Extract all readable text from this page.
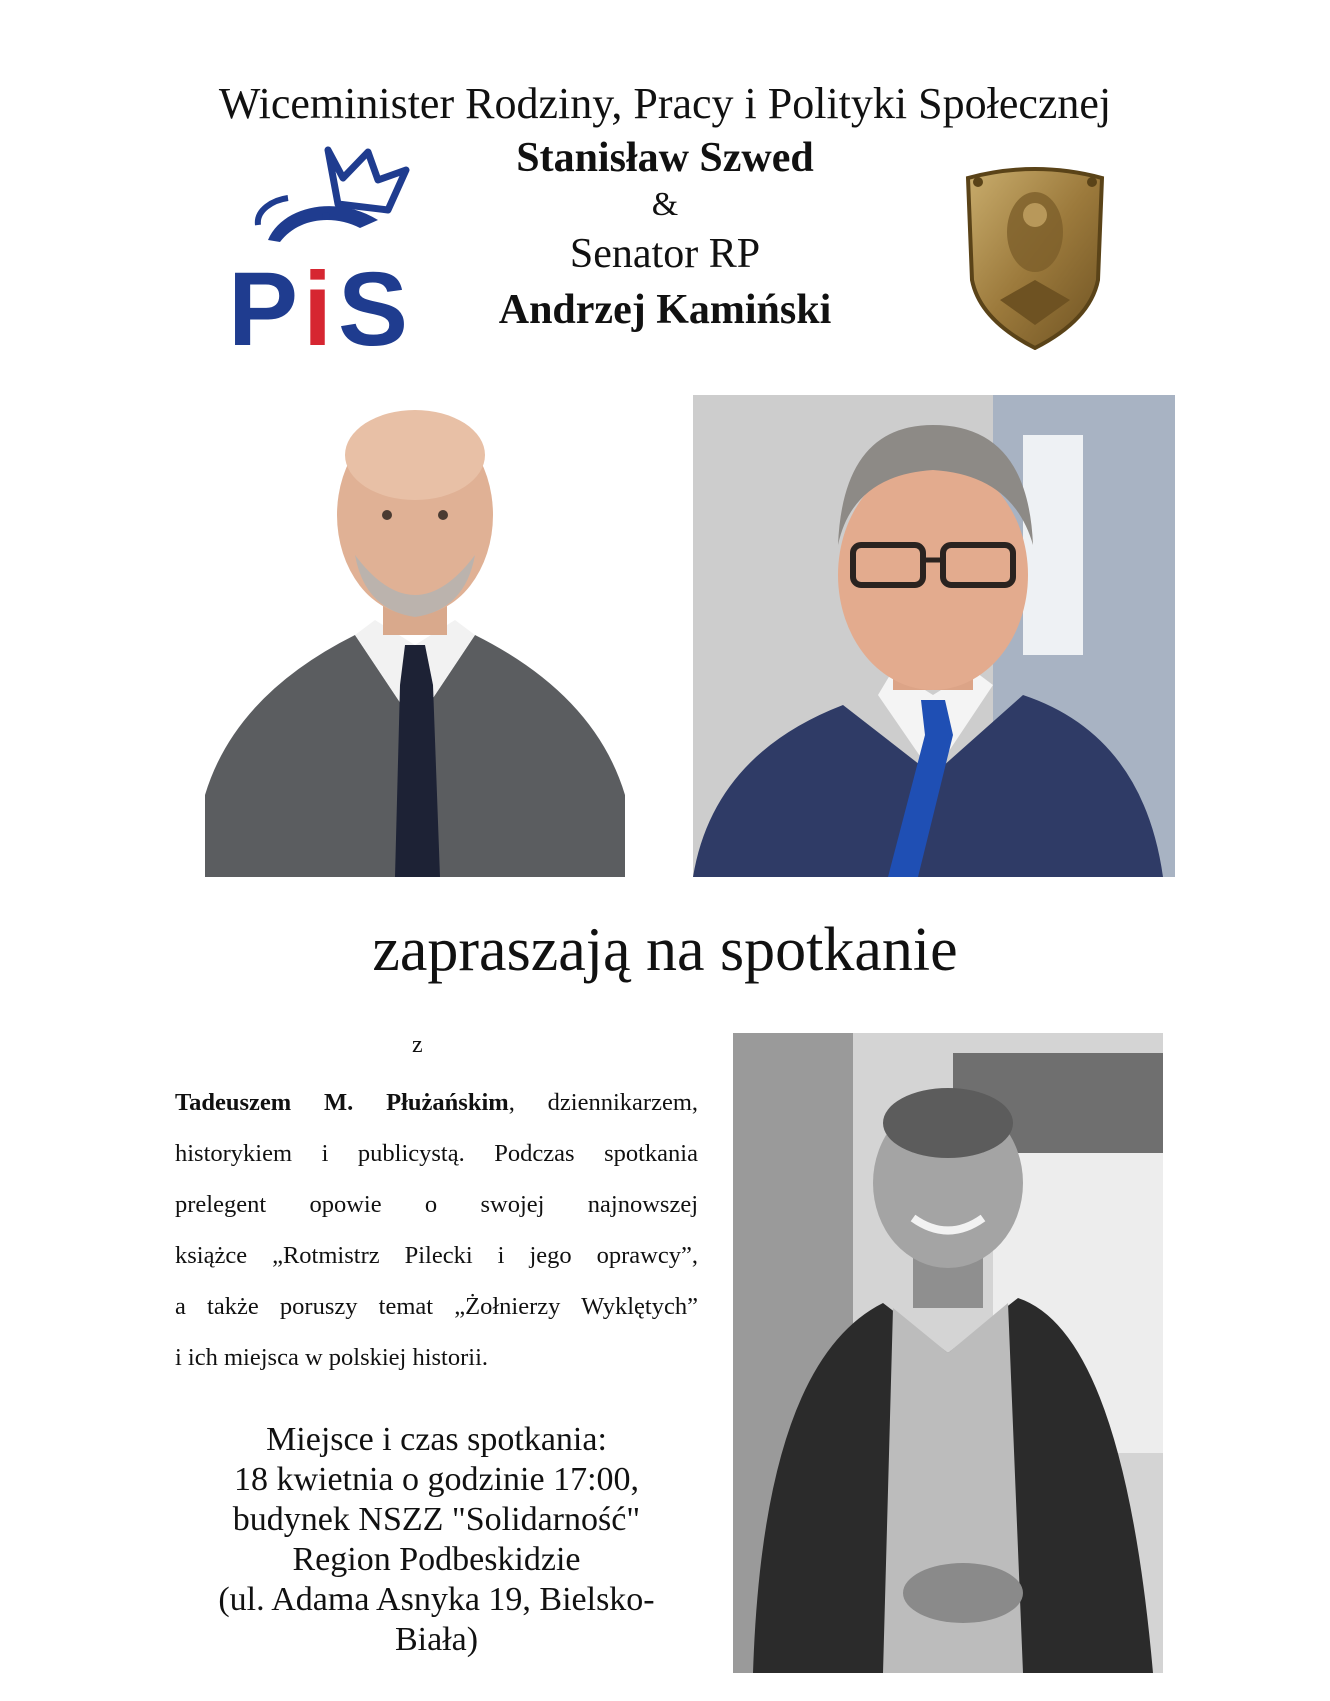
Wiceminister Rodziny, Pracy i Polityki Społecznej
Stanisław Szwed
&
Senator RP
Andrzej Kamiński
P i S
zapraszają na spotkanie
z
Tadeuszem M. Płużańskim, dziennikarzem,
historykiem i publicystą. Podczas spotkania
prelegent opowie o swojej najnowszej
książce „Rotmistrz Pilecki i jego oprawcy”,
a także poruszy temat „Żołnierzy Wyklętych”
i ich miejsca w polskiej historii.
Miejsce i czas spotkania:
18 kwietnia o godzinie 17:00,
budynek NSZZ "Solidarność"
Region Podbeskidzie
(ul. Adama Asnyka 19, Bielsko-
Biała)
